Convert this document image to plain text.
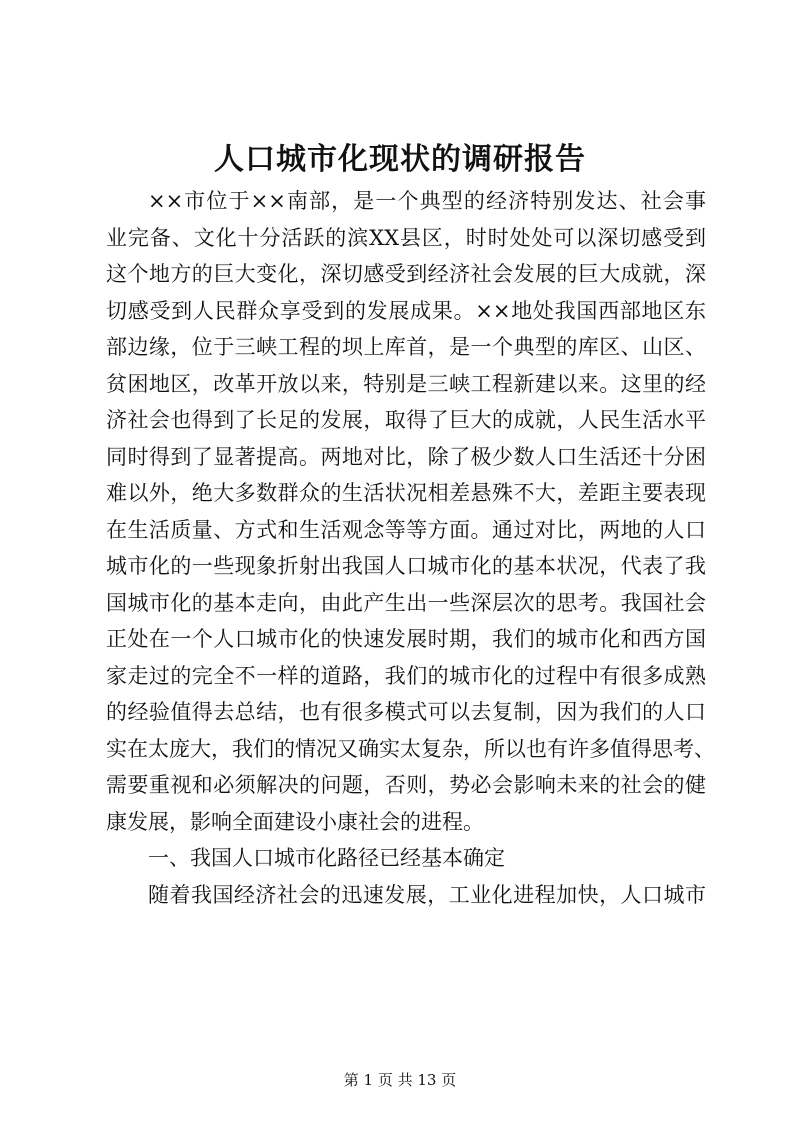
人口城市化现状的调研报告
××市位于××南部，是一个典型的经济特别发达、社会事
业完备、文化十分活跃的滨XX县区，时时处处可以深切感受到
这个地方的巨大变化，深切感受到经济社会发展的巨大成就，深
切感受到人民群众享受到的发展成果。××地处我国西部地区东
部边缘，位于三峡工程的坝上库首，是一个典型的库区、山区、
贫困地区，改革开放以来，特别是三峡工程新建以来。这里的经
济社会也得到了长足的发展，取得了巨大的成就，人民生活水平
同时得到了显著提高。两地对比，除了极少数人口生活还十分困
难以外，绝大多数群众的生活状况相差悬殊不大，差距主要表现
在生活质量、方式和生活观念等等方面。通过对比，两地的人口
城市化的一些现象折射出我国人口城市化的基本状况，代表了我
国城市化的基本走向，由此产生出一些深层次的思考。我国社会
正处在一个人口城市化的快速发展时期，我们的城市化和西方国
家走过的完全不一样的道路，我们的城市化的过程中有很多成熟
的经验值得去总结，也有很多模式可以去复制，因为我们的人口
实在太庞大，我们的情况又确实太复杂，所以也有许多值得思考、
需要重视和必须解决的问题，否则，势必会影响未来的社会的健
康发展，影响全面建设小康社会的进程。
一、我国人口城市化路径已经基本确定
随着我国经济社会的迅速发展，工业化进程加快，人口城市
第 1 页 共 13 页
